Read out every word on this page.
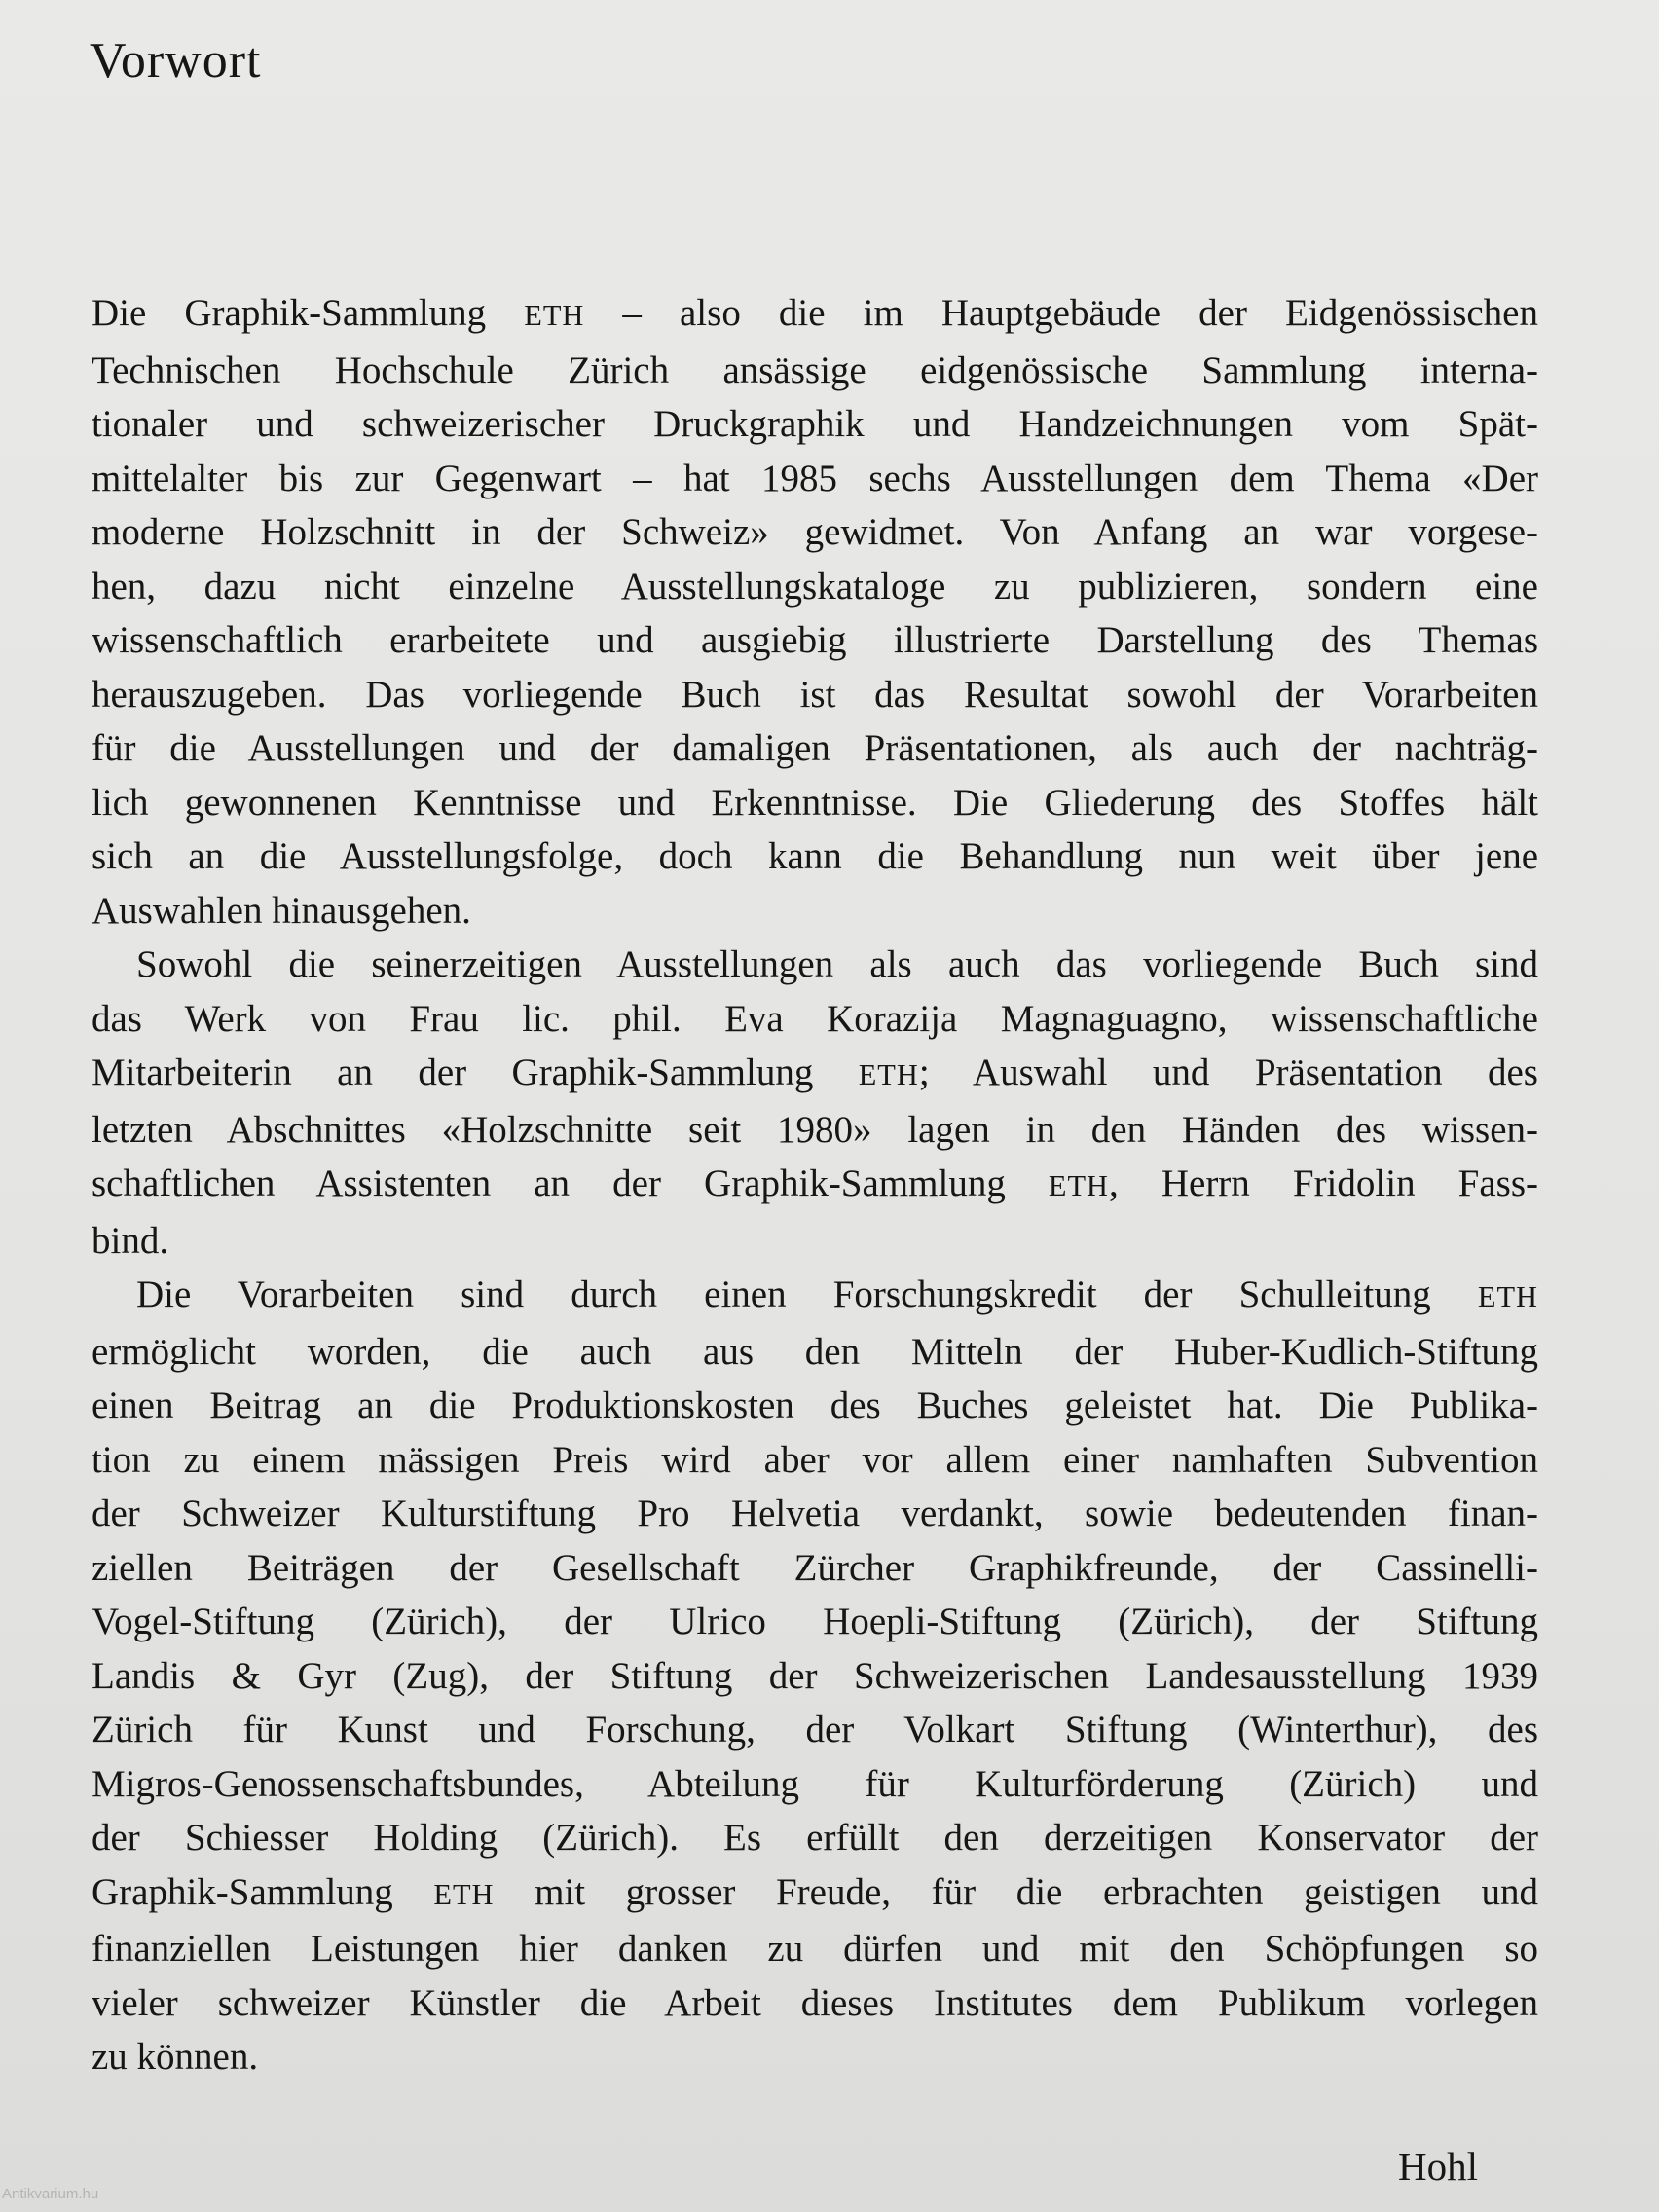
Vorwort

Die Graphik-Sammlung ETH – also die im Hauptgebäude der Eidgenössischen
Technischen Hochschule Zürich ansässige eidgenössische Sammlung interna-
tionaler und schweizerischer Druckgraphik und Handzeichnungen vom Spät-
mittelalter bis zur Gegenwart – hat 1985 sechs Ausstellungen dem Thema «Der
moderne Holzschnitt in der Schweiz» gewidmet. Von Anfang an war vorgese-
hen, dazu nicht einzelne Ausstellungskataloge zu publizieren, sondern eine
wissenschaftlich erarbeitete und ausgiebig illustrierte Darstellung des Themas
herauszugeben. Das vorliegende Buch ist das Resultat sowohl der Vorarbeiten
für die Ausstellungen und der damaligen Präsentationen, als auch der nachträg-
lich gewonnenen Kenntnisse und Erkenntnisse. Die Gliederung des Stoffes hält
sich an die Ausstellungsfolge, doch kann die Behandlung nun weit über jene
Auswahlen hinausgehen.

Sowohl die seinerzeitigen Ausstellungen als auch das vorliegende Buch sind
das Werk von Frau lic. phil. Eva Korazija Magnaguagno, wissenschaftliche
Mitarbeiterin an der Graphik-Sammlung ETH; Auswahl und Präsentation des
letzten Abschnittes «Holzschnitte seit 1980» lagen in den Händen des wissen-
schaftlichen Assistenten an der Graphik-Sammlung ETH, Herrn Fridolin Fass-
bind.

Die Vorarbeiten sind durch einen Forschungskredit der Schulleitung ETH
ermöglicht worden, die auch aus den Mitteln der Huber-Kudlich-Stiftung
einen Beitrag an die Produktionskosten des Buches geleistet hat. Die Publika-
tion zu einem mässigen Preis wird aber vor allem einer namhaften Subvention
der Schweizer Kulturstiftung Pro Helvetia verdankt, sowie bedeutenden finan-
ziellen Beiträgen der Gesellschaft Zürcher Graphikfreunde, der Cassinelli-
Vogel-Stiftung (Zürich), der Ulrico Hoepli-Stiftung (Zürich), der Stiftung
Landis & Gyr (Zug), der Stiftung der Schweizerischen Landesausstellung 1939
Zürich für Kunst und Forschung, der Volkart Stiftung (Winterthur), des
Migros-Genossenschaftsbundes, Abteilung für Kulturförderung (Zürich) und
der Schiesser Holding (Zürich). Es erfüllt den derzeitigen Konservator der
Graphik-Sammlung ETH mit grosser Freude, für die erbrachten geistigen und
finanziellen Leistungen hier danken zu dürfen und mit den Schöpfungen so
vieler schweizer Künstler die Arbeit dieses Institutes dem Publikum vorlegen
zu können.

Hohl
Antikvarium.hu
